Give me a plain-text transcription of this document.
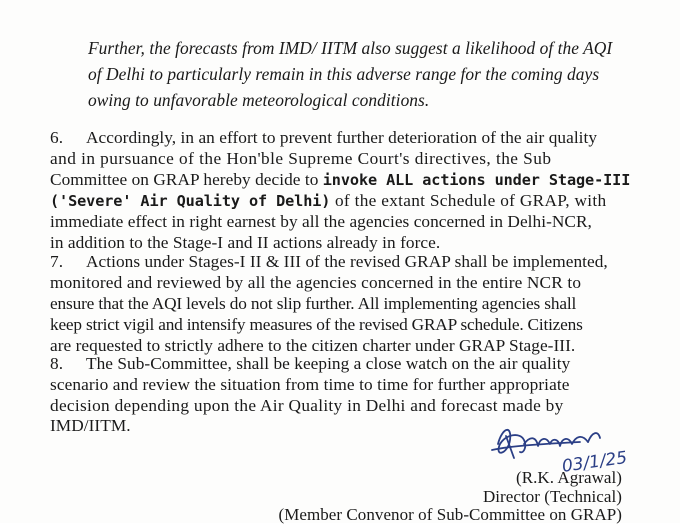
Further, the forecasts from IMD/ IITM also suggest a likelihood of the AQI
of Delhi to particularly remain in this adverse range for the coming days
owing to unfavorable meteorological conditions.
6. Accordingly, in an effort to prevent further deterioration of the air quality
and in pursuance of the Hon'ble Supreme Court's directives, the Sub
Committee on GRAP hereby decide to invoke ALL actions under Stage-III
('Severe' Air Quality of Delhi) of the extant Schedule of GRAP, with
immediate effect in right earnest by all the agencies concerned in Delhi-NCR,
in addition to the Stage-I and II actions already in force.
7. Actions under Stages-I II & III of the revised GRAP shall be implemented,
monitored and reviewed by all the agencies concerned in the entire NCR to
ensure that the AQI levels do not slip further. All implementing agencies shall
keep strict vigil and intensify measures of the revised GRAP schedule. Citizens
are requested to strictly adhere to the citizen charter under GRAP Stage-III.
8. The Sub-Committee, shall be keeping a close watch on the air quality
scenario and review the situation from time to time for further appropriate
decision depending upon the Air Quality in Delhi and forecast made by
IMD/IITM.
03/1/25
(R.K. Agrawal)
Director (Technical)
(Member Convenor of Sub-Committee on GRAP)
